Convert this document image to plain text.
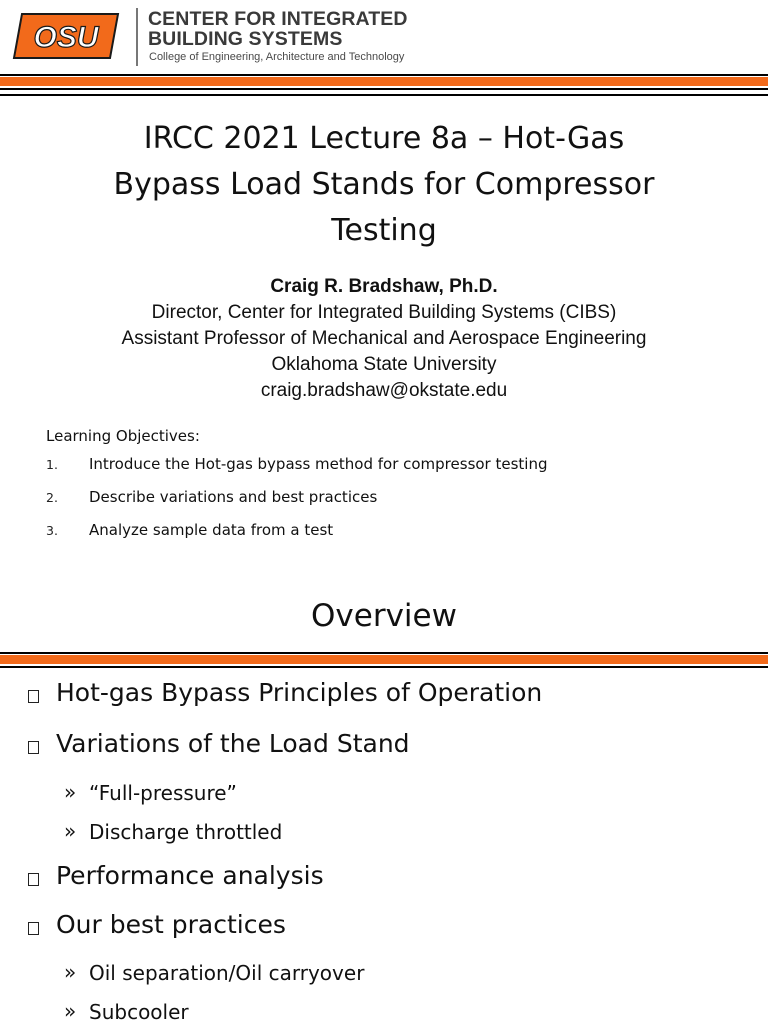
OSU
CENTER FOR INTEGRATED
BUILDING SYSTEMS
College of Engineering, Architecture and Technology
IRCC 2021 Lecture 8a – Hot-Gas
Bypass Load Stands for Compressor
Testing
Craig R. Bradshaw, Ph.D.
Director, Center for Integrated Building Systems (CIBS)
Assistant Professor of Mechanical and Aerospace Engineering
Oklahoma State University
craig.bradshaw@okstate.edu
Learning Objectives:
1. Introduce the Hot-gas bypass method for compressor testing
2. Describe variations and best practices
3. Analyze sample data from a test
Overview
Hot-gas Bypass Principles of Operation
Variations of the Load Stand
» “Full-pressure”
» Discharge throttled
Performance analysis
Our best practices
» Oil separation/Oil carryover
» Subcooler
